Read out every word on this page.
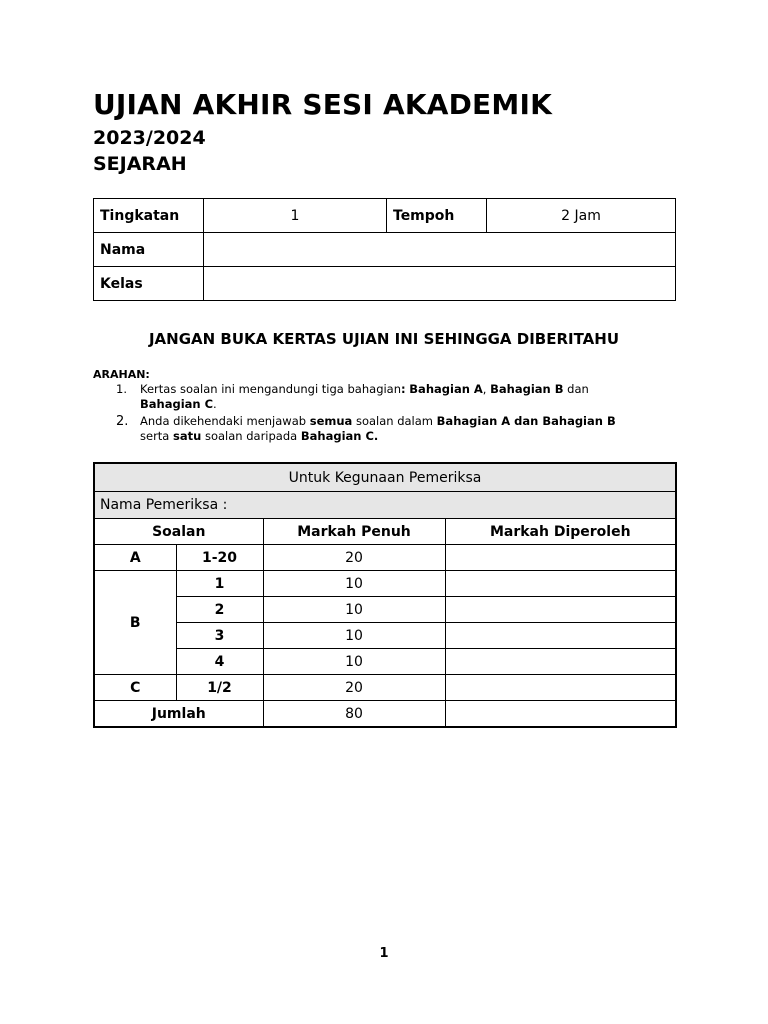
UJIAN AKHIR SESI AKADEMIK
2023/2024
SEJARAH
Tingkatan	1	Tempoh	2 Jam
Nama			
Kelas			
JANGAN BUKA KERTAS UJIAN INI SEHINGGA DIBERITAHU
ARAHAN:
1. Kertas soalan ini mengandungi tiga bahagian: Bahagian A, Bahagian B dan Bahagian C.
2. Anda dikehendaki menjawab semua soalan dalam Bahagian A dan Bahagian B serta satu soalan daripada Bahagian C.
Untuk Kegunaan Pemeriksa			
Nama Pemeriksa :			
Soalan		Markah Penuh	Markah Diperoleh
A	1-20	20	
B	1	10	
	2	10	
	3	10	
	4	10	
C	1/2	20	
Jumlah		80	
1
